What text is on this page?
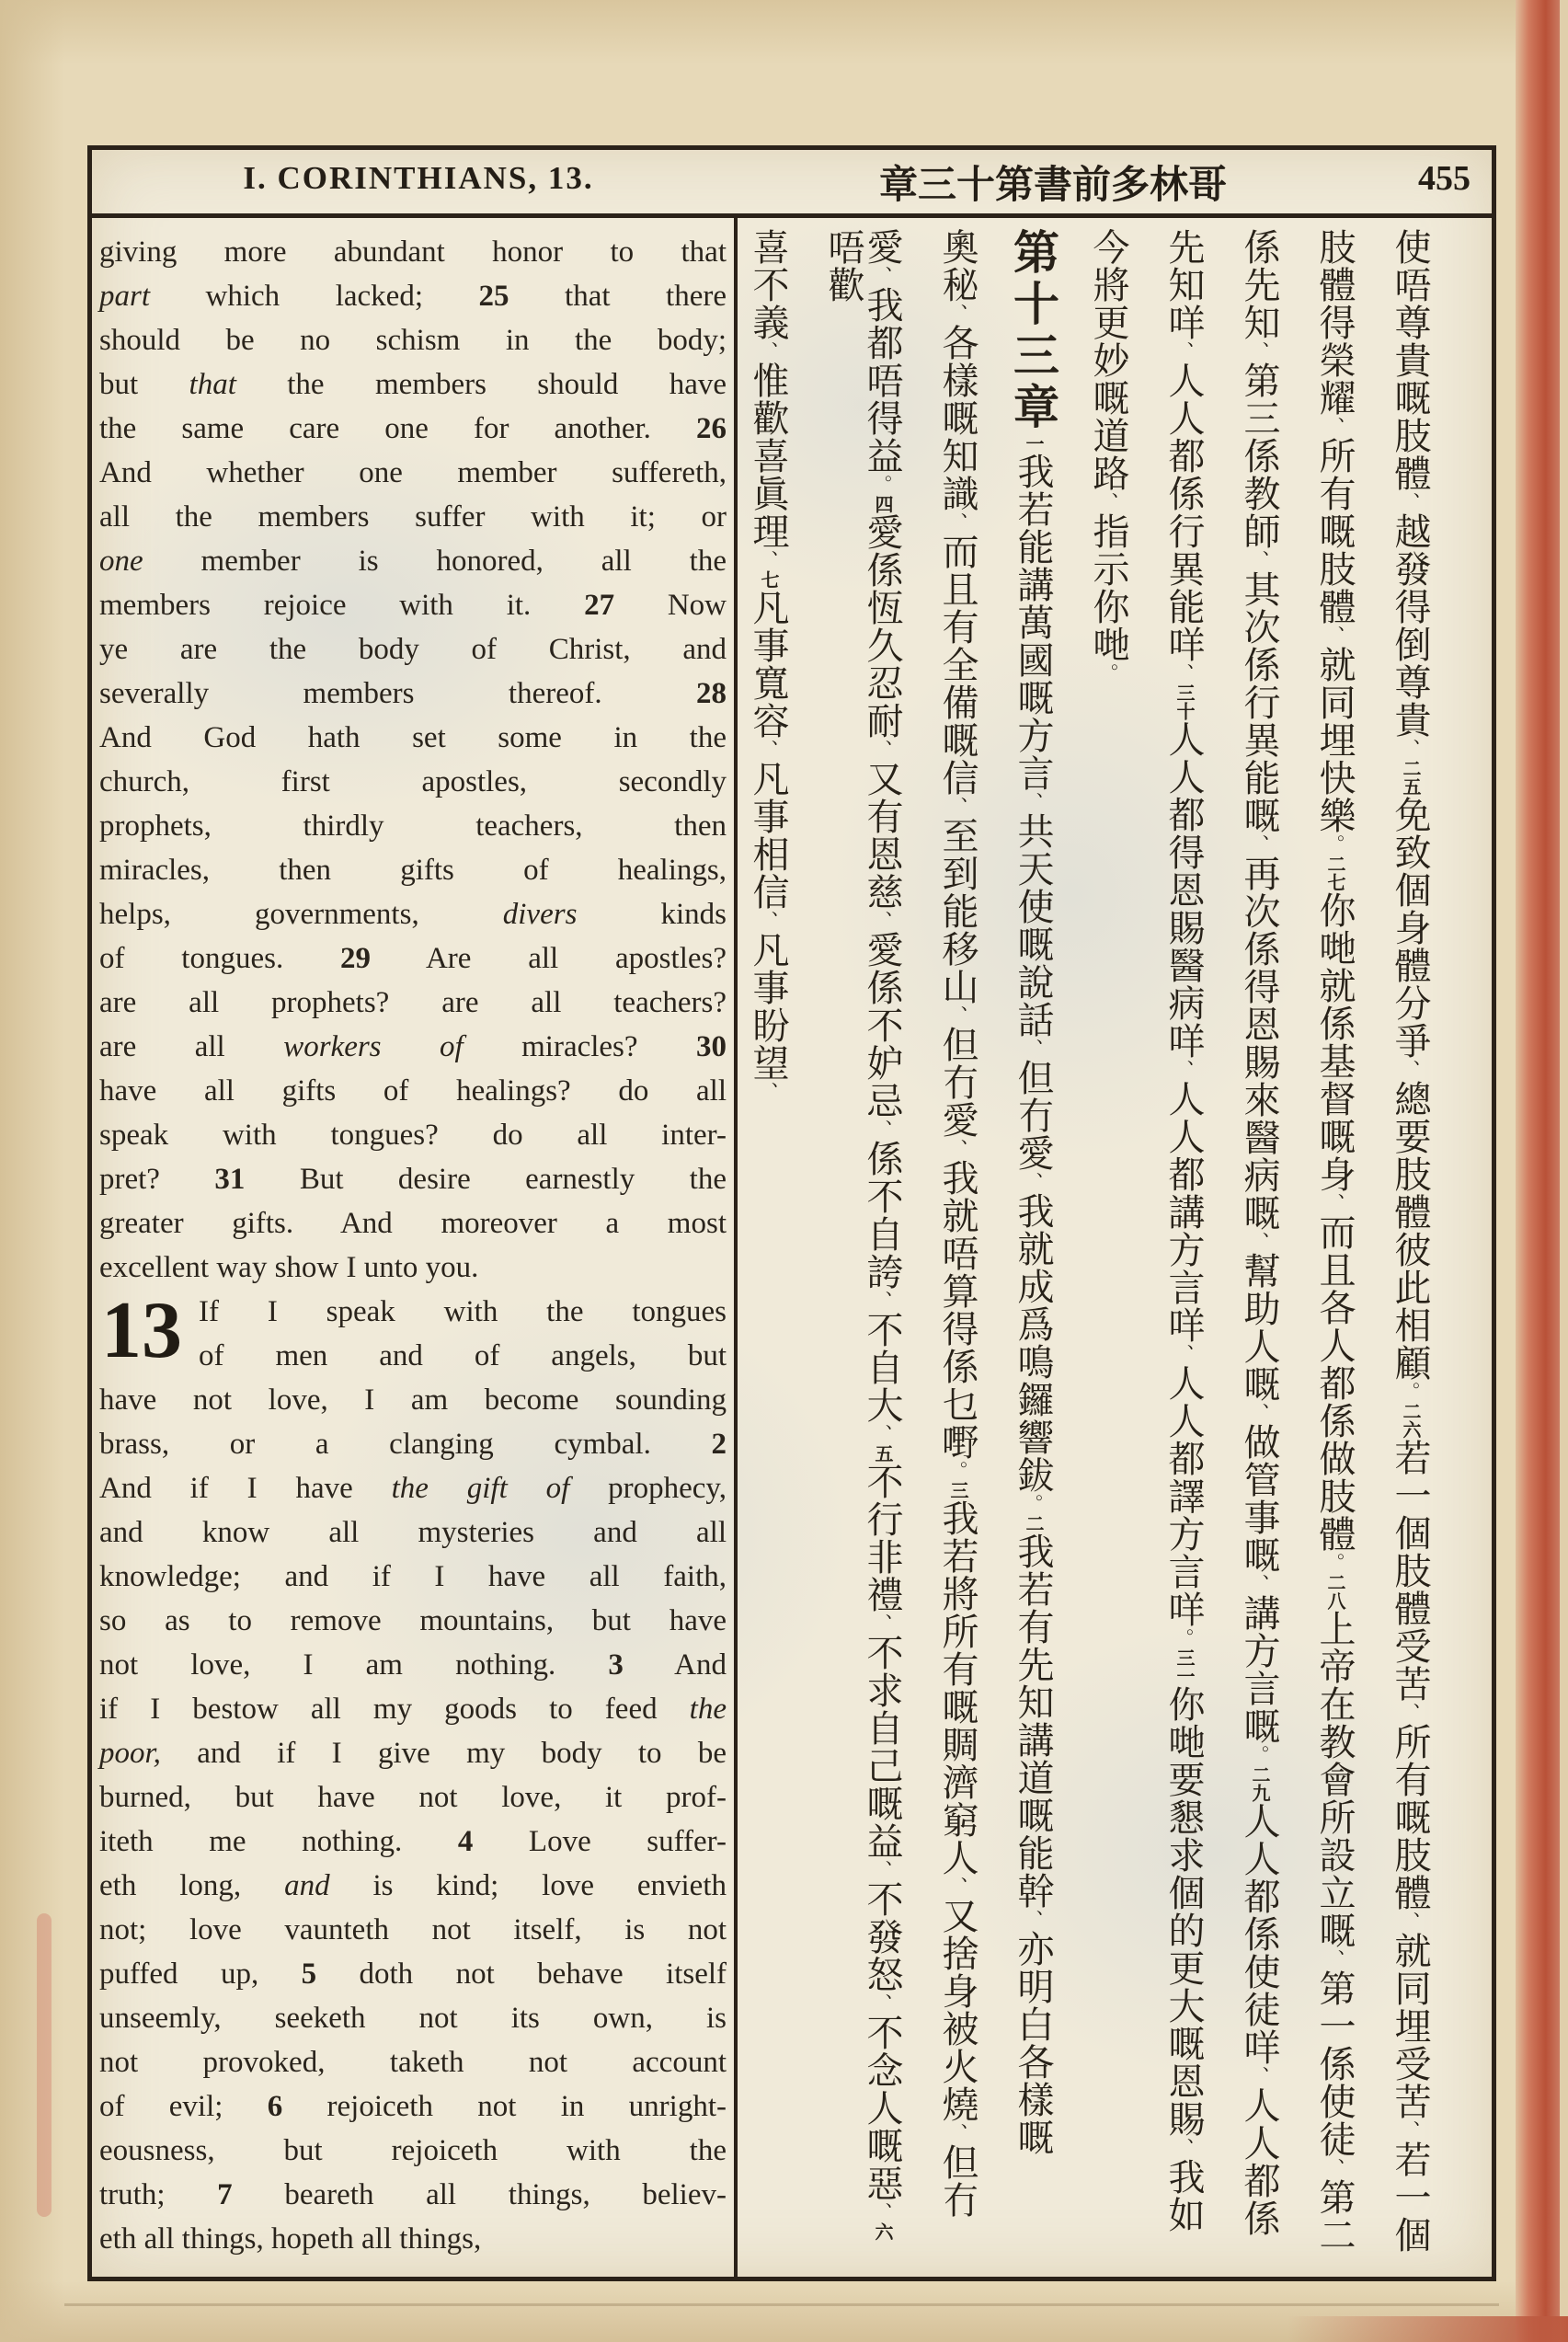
I. CORINTHIANS, 13.	章三十第書前多林哥	455
giving more abundant honor to that
part which lacked; 25 that there
should be no schism in the body;
but that the members should have
the same care one for another. 26
And whether one member suffereth,
all the members suffer with it; or
one member is honored, all the
members rejoice with it. 27 Now
ye are the body of Christ, and
severally members thereof. 28
And God hath set some in the
church, first apostles, secondly
prophets, thirdly teachers, then
miracles, then gifts of healings,
helps, governments, divers kinds
of tongues. 29 Are all apostles?
are all prophets? are all teachers?
are all workers of miracles? 30
have all gifts of healings? do all
speak with tongues? do all inter-
pret? 31 But desire earnestly the
greater gifts. And moreover a most
excellent way show I unto you.
13 If I speak with the tongues
of men and of angels, but
have not love, I am become sounding
brass, or a clanging cymbal. 2
And if I have the gift of prophecy,
and know all mysteries and all
knowledge; and if I have all faith,
so as to remove mountains, but have
not love, I am nothing. 3 And
if I bestow all my goods to feed the
poor, and if I give my body to be
burned, but have not love, it prof-
iteth me nothing. 4 Love suffer-
eth long, and is kind; love envieth
not; love vaunteth not itself, is not
puffed up, 5 doth not behave itself
unseemly, seeketh not its own, is
not provoked, taketh not account
of evil; 6 rejoiceth not in unright-
eousness, but rejoiceth with the
truth; 7 beareth all things, believ-
eth all things, hopeth all things,
使唔尊貴嘅肢體、越發得倒尊貴、二五免致個身體分爭、總要肢體彼此相顧。二六若一個肢體受苦、所有嘅肢體、就同埋受苦、若一個
肢體得榮耀、所有嘅肢體、就同埋快樂。二七你哋就係基督嘅身、而且各人都係做肢體。二八上帝在教會所設立嘅、第一係使徒、第二
係先知、第三係教師、其次係行異能嘅、再次係得恩賜來醫病嘅、幫助人嘅、做管事嘅、講方言嘅。二九人人都係使徒咩、人人都係
先知咩、人人都係行異能咩、三十人人都得恩賜醫病咩、人人都講方言咩、人人都譯方言咩。三一你哋要懇求個的更大嘅恩賜、我如
今將更妙嘅道路、指示你哋。
第十三章一我若能講萬國嘅方言、共天使嘅說話、但冇愛、我就成爲鳴鑼響鈸。二我若有先知講道嘅能幹、亦明白各樣嘅
奧秘、各樣嘅知識、而且有全備嘅信、至到能移山、但冇愛、我就唔算得係乜嘢。三我若將所有嘅賙濟窮人、又捨身被火燒、但冇
愛、我都唔得益。四愛係恆久忍耐、又有恩慈、愛係不妒忌、係不自誇、不自大、五不行非禮、不求自己嘅益、不發怒、不念人嘅惡、六唔歡
喜不義、惟歡喜眞理、七凡事寬容、凡事相信、凡事盼望、
